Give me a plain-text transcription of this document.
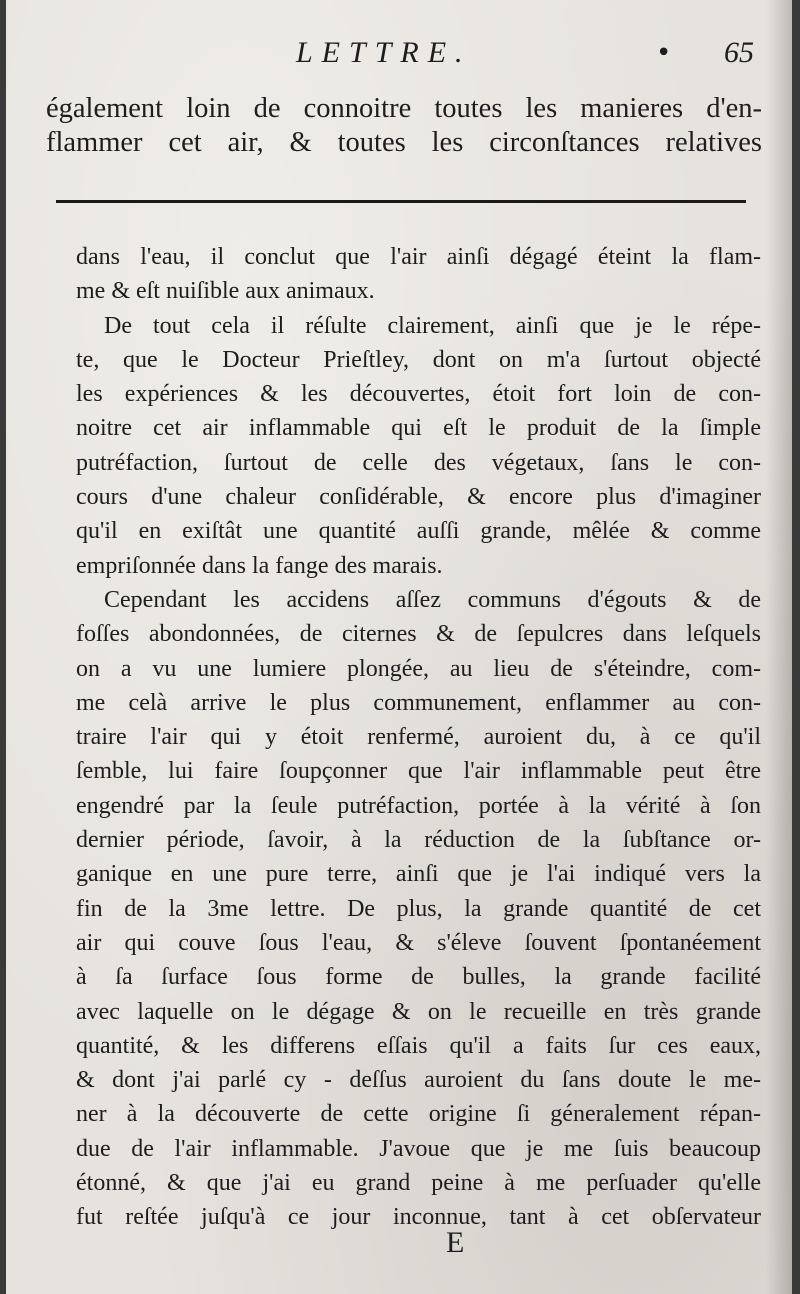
LETTRE.	• 65
également loin de connoitre toutes les manieres d'en-
flammer cet air, & toutes les circonſtances relatives
dans l'eau, il conclut que l'air ainſi dégagé éteint la flam-
me & eſt nuiſible aux animaux.
De tout cela il réſulte clairement, ainſi que je le répe-
te, que le Docteur Prieſtley, dont on m'a ſurtout objecté
les expériences & les découvertes, étoit fort loin de con-
noitre cet air inflammable qui eſt le produit de la ſimple
putréfaction, ſurtout de celle des végetaux, ſans le con-
cours d'une chaleur conſidérable, & encore plus d'imaginer
qu'il en exiſtât une quantité auſſi grande, mêlée & comme
empriſonnée dans la fange des marais.
Cependant les accidens aſſez communs d'égouts & de
foſſes abondonnées, de citernes & de ſepulcres dans leſquels
on a vu une lumiere plongée, au lieu de s'éteindre, com-
me celà arrive le plus communement, enflammer au con-
traire l'air qui y étoit renfermé, auroient du, à ce qu'il
ſemble, lui faire ſoupçonner que l'air inflammable peut être
engendré par la ſeule putréfaction, portée à la vérité à ſon
dernier période, ſavoir, à la réduction de la ſubſtance or-
ganique en une pure terre, ainſi que je l'ai indiqué vers la
fin de la 3me lettre. De plus, la grande quantité de cet
air qui couve ſous l'eau, & s'éleve ſouvent ſpontanéement
à ſa ſurface ſous forme de bulles, la grande facilité
avec laquelle on le dégage & on le recueille en très grande
quantité, & les differens eſſais qu'il a faits ſur ces eaux,
& dont j'ai parlé cy - deſſus auroient du ſans doute le me-
ner à la découverte de cette origine ſi géneralement répan-
due de l'air inflammable. J'avoue que je me ſuis beaucoup
étonné, & que j'ai eu grand peine à me perſuader qu'elle
fut reſtée juſqu'à ce jour inconnue, tant à cet obſervateur
E
